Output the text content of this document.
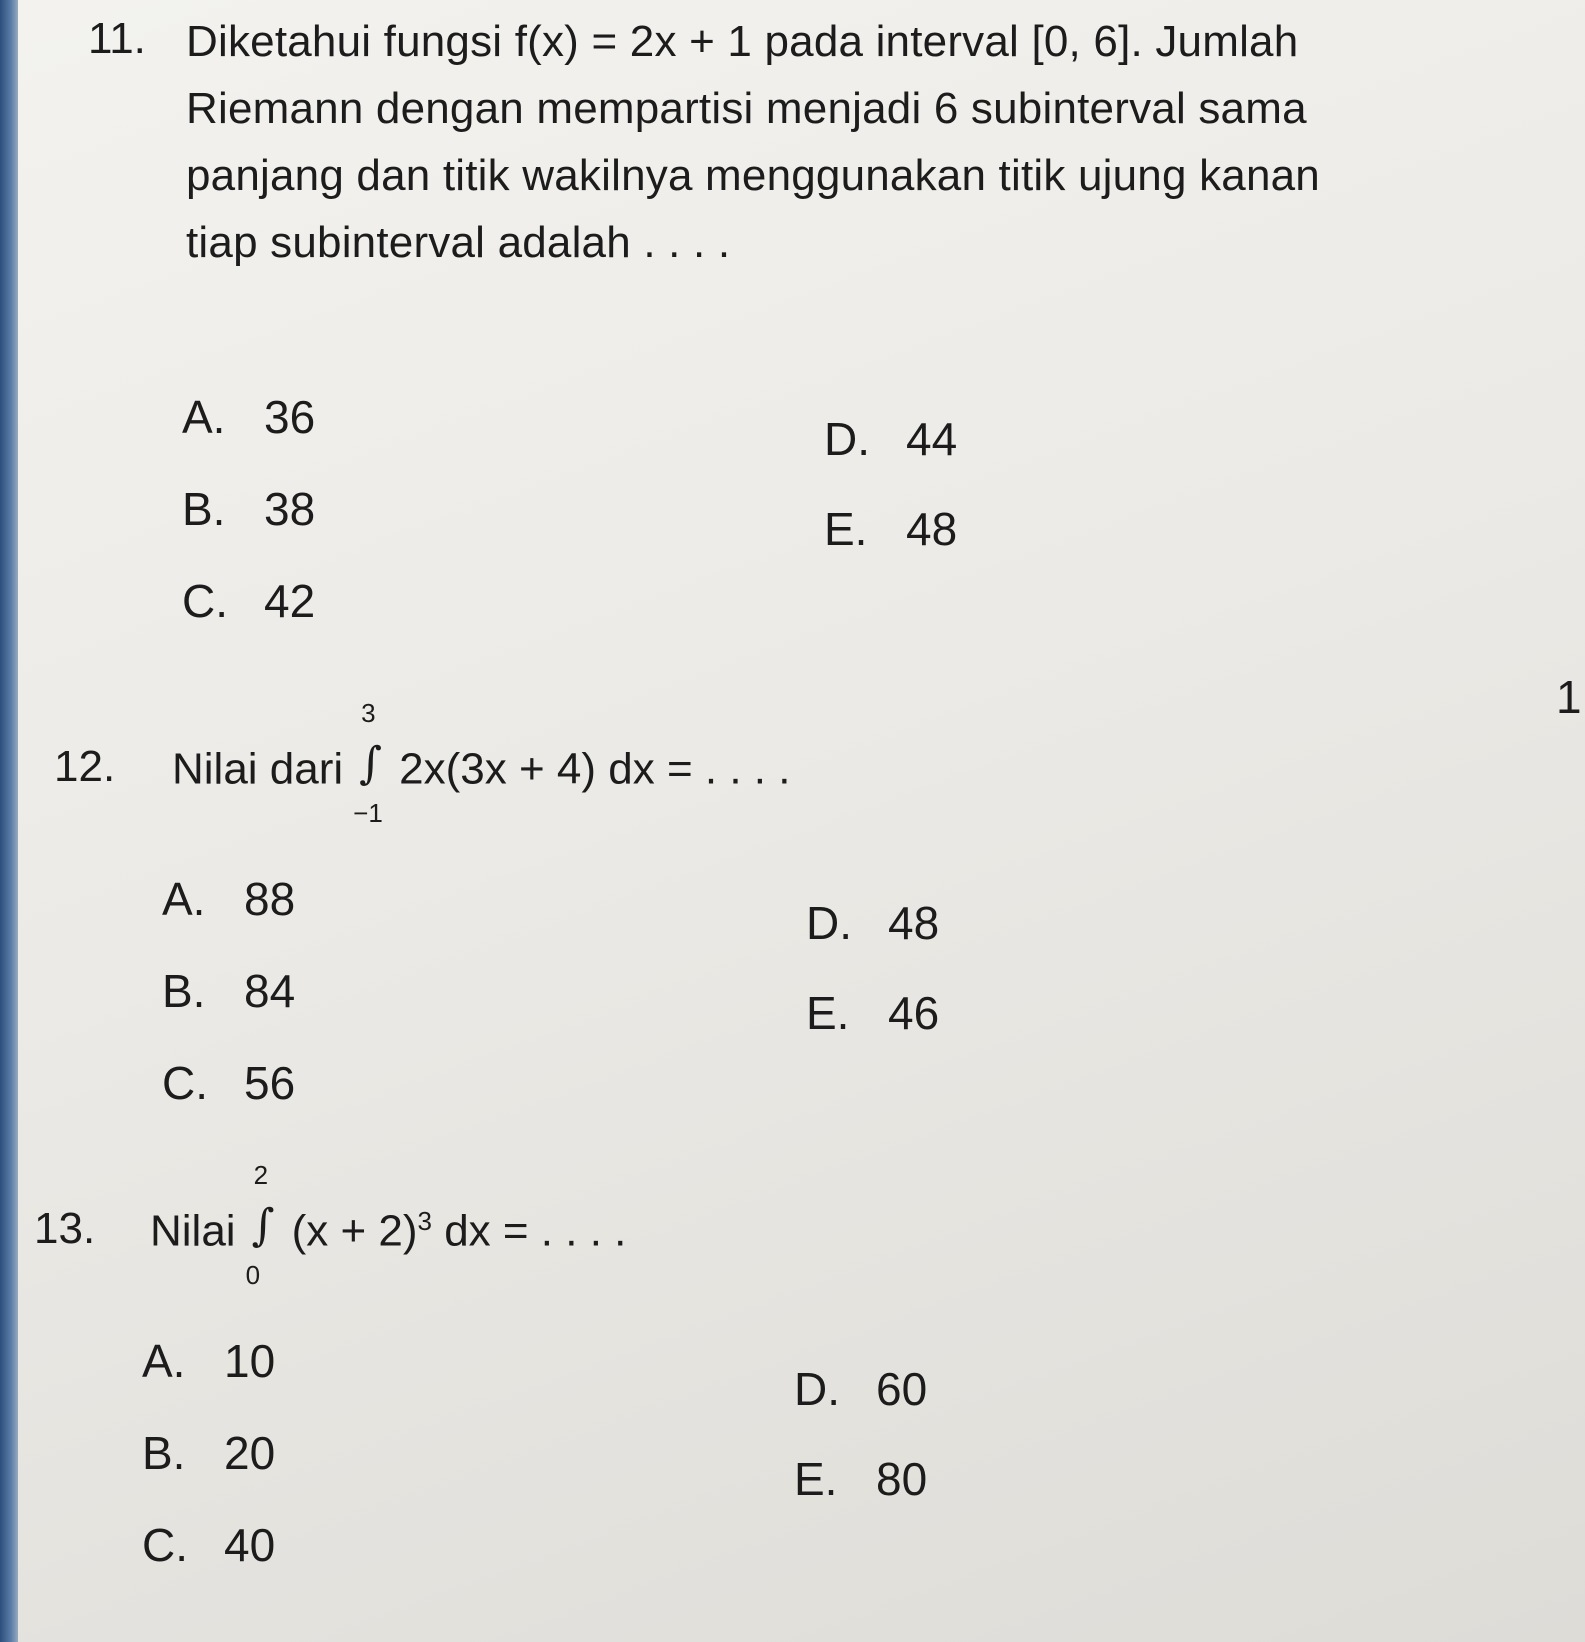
11. Diketahui fungsi f(x) = 2x + 1 pada interval [0, 6]. Jumlah Riemann dengan mempartisi menjadi 6 subinterval sama panjang dan titik wakilnya menggunakan titik ujung kanan tiap subinterval adalah . . . .
A. 36
B. 38
C. 42
D. 44
E. 48
1
12. Nilai dari
3
∫
−1
2x(3x + 4) dx = . . . .
A. 88
B. 84
C. 56
D. 48
E. 46
13. Nilai
2
∫
0
$(x + 2)^3$ dx = . . . .
A. 10
B. 20
C. 40
D. 60
E. 80
